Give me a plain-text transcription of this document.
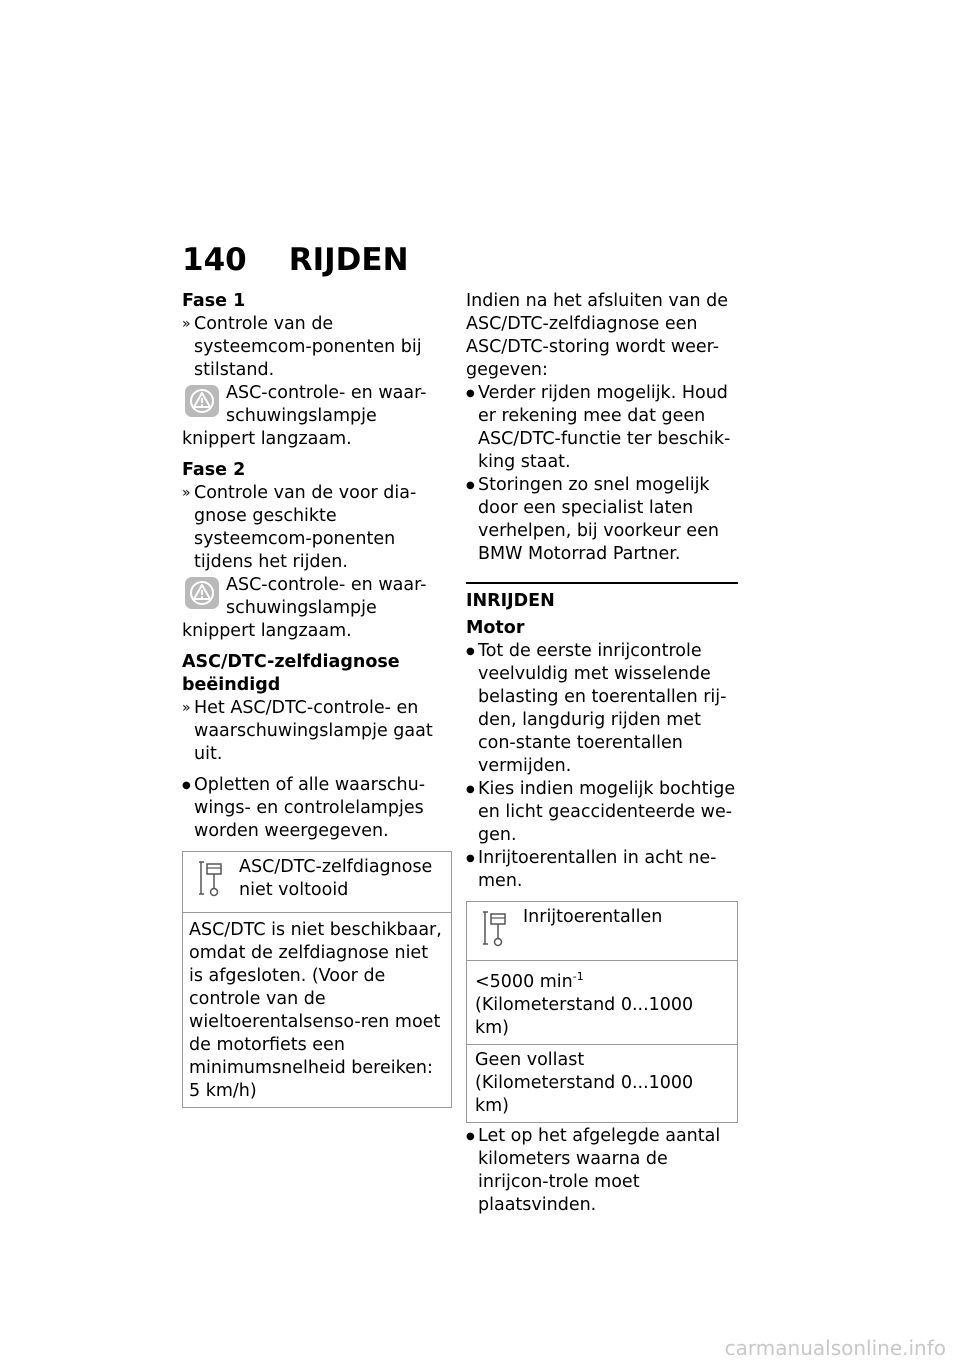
140 RIJDEN

Fase 1

» Controle van de systeemcom-ponenten bij stilstand.
ASC-controle- en waar-schuwingslampje knippert langzaam.

Fase 2

» Controle van de voor dia-gnose geschikte systeemcom-ponenten tijdens het rijden.
ASC-controle- en waar-schuwingslampje knippert langzaam.

ASC/DTC-zelfdiagnose beëindigd

» Het ASC/DTC-controle- en waarschuwingslampje gaat uit.
● Opletten of alle waarschu-wings- en controlelampjes worden weergegeven.
ASC/DTC-zelfdiagnose niet voltooid
ASC/DTC is niet beschikbaar, omdat de zelfdiagnose niet is afgesloten. (Voor de controle van de wieltoerentalsenso-ren moet de motorfiets een minimumsnelheid bereiken: 5 km/h)

Indien na het afsluiten van de ASC/DTC-zelfdiagnose een ASC/DTC-storing wordt weer-gegeven:

● Verder rijden mogelijk. Houd er rekening mee dat geen ASC/DTC-functie ter beschik-king staat.
● Storingen zo snel mogelijk door een specialist laten verhelpen, bij voorkeur een BMW Motorrad Partner.

INRIJDEN

Motor

● Tot de eerste inrijcontrole veelvuldig met wisselende belasting en toerentallen rij-den, langdurig rijden met con-stante toerentallen vermijden.
● Kies indien mogelijk bochtige en licht geaccidenteerde we-gen.
● Inrijtoerentallen in acht ne-men.
Inrijtoerentallen
<5000 $\min^{-1}$ (Kilometerstand 0...1000 km)
Geen vollast (Kilometerstand 0...1000 km)
● Let op het afgelegde aantal kilometers waarna de inrijcon-trole moet plaatsvinden.
carmanualsonline.info
